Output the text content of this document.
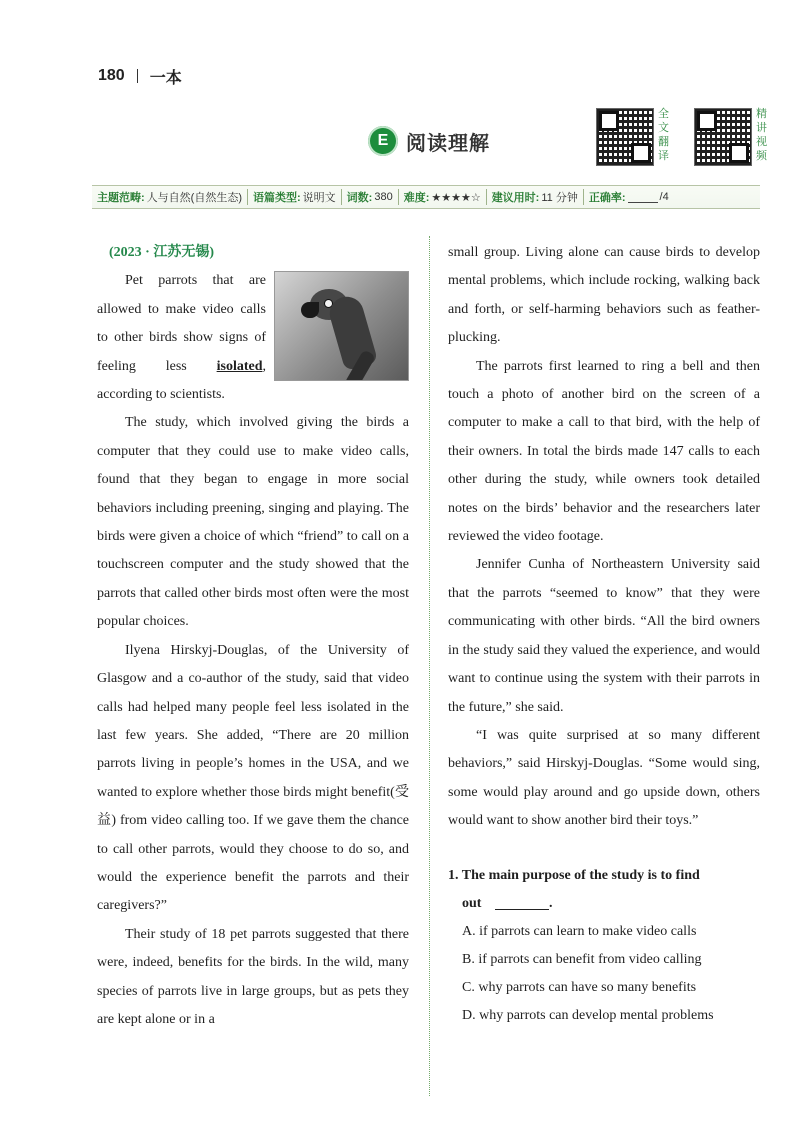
180 一本
E 阅读理解
全
文
翻
译
精
讲
视
频
主题范畴: 人与自然(自然生态) 语篇类型: 说明文 词数: 380 难度: ★★★★☆ 建议用时: 11 分钟 正确率:	/4

(2023 · 江苏无锡)

Pet parrots that are allowed to make video calls to other birds show signs of feeling less isolated, according to scientists.

The study, which involved giving the birds a computer that they could use to make video calls, found that they began to engage in more social behaviors including preening, singing and playing. The birds were given a choice of which “friend” to call on a touchscreen computer and the study showed that the parrots that called other birds most often were the most popular choices.

Ilyena Hirskyj-Douglas, of the University of Glasgow and a co-author of the study, said that video calls had helped many people feel less isolated in the last few years. She added, “There are 20 million parrots living in people’s homes in the USA, and we wanted to explore whether those birds might benefit(受益) from video calling too. If we gave them the chance to call other parrots, would they choose to do so, and would the experience benefit the parrots and their caregivers?”

Their study of 18 pet parrots suggested that there were, indeed, benefits for the birds. In the wild, many species of parrots live in large groups, but as pets they are kept alone or in a

small group. Living alone can cause birds to develop mental problems, which include rocking, walking back and forth, or self-harming behaviors such as feather-plucking.

The parrots first learned to ring a bell and then touch a photo of another bird on the screen of a computer to make a call to that bird, with the help of their owners. In total the birds made 147 calls to each other during the study, while owners took detailed notes on the birds’ behavior and the researchers later reviewed the video footage.

Jennifer Cunha of Northeastern University said that the parrots “seemed to know” that they were communicating with other birds. “All the bird owners in the study said they valued the experience, and would want to continue using the system with their parrots in the future,” she said.

“I was quite surprised at so many different behaviors,” said Hirskyj-Douglas. “Some would sing, some would play around and go upside down, others would want to show another bird their toys.”

1. The main purpose of the study is to find

out	.

A. if parrots can learn to make video calls

B. if parrots can benefit from video calling

C. why parrots can have so many benefits

D. why parrots can develop mental problems
